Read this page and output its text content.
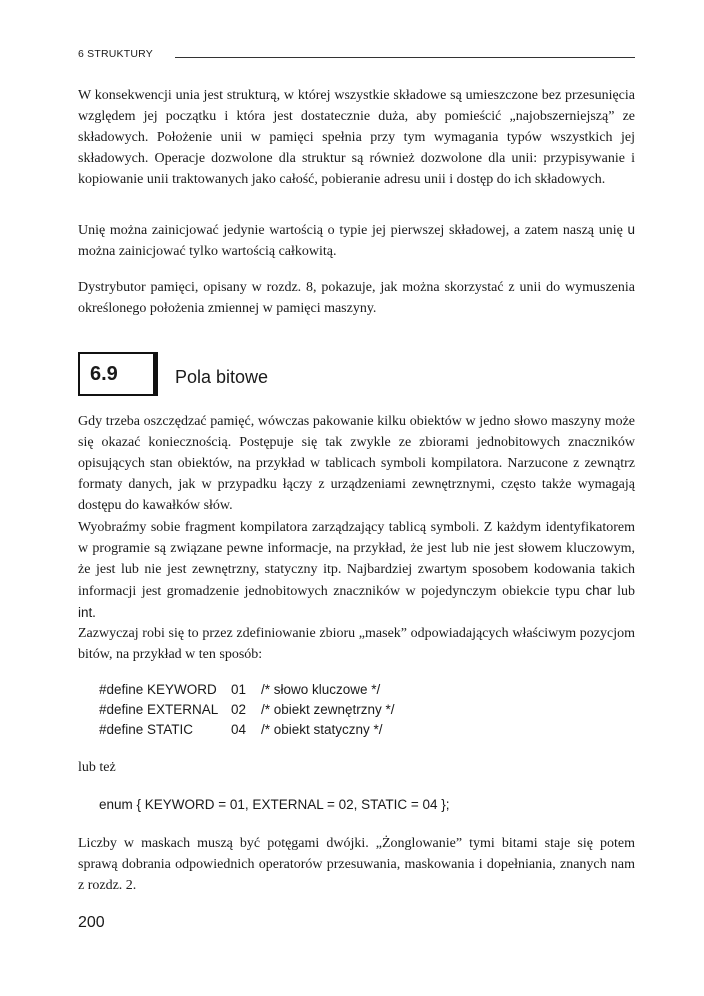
6 STRUKTURY

W konsekwencji unia jest strukturą, w której wszystkie składowe są umieszczone bez przesunięcia względem jej początku i która jest dostatecznie duża, aby pomieścić „najobszerniejszą” ze składowych. Położenie unii w pamięci spełnia przy tym wymagania typów wszystkich jej składowych. Operacje dozwolone dla struktur są również dozwolone dla unii: przypisywanie i kopiowanie unii traktowanych jako całość, pobieranie adresu unii i dostęp do ich składowych.

Unię można zainicjować jedynie wartością o typie jej pierwszej składowej, a zatem naszą unię u można zainicjować tylko wartością całkowitą.

Dystrybutor pamięci, opisany w rozdz. 8, pokazuje, jak można skorzystać z unii do wymuszenia określonego położenia zmiennej w pamięci maszyny.

6.9	Pola bitowe

Gdy trzeba oszczędzać pamięć, wówczas pakowanie kilku obiektów w jedno słowo maszyny może się okazać koniecznością. Postępuje się tak zwykle ze zbiorami jednobitowych znaczników opisujących stan obiektów, na przykład w tablicach symboli kompilatora. Narzucone z zewnątrz formaty danych, jak w przypadku łączy z urządzeniami zewnętrznymi, często także wymagają dostępu do kawałków słów.

Wyobraźmy sobie fragment kompilatora zarządzający tablicą symboli. Z każdym identyfikatorem w programie są związane pewne informacje, na przykład, że jest lub nie jest słowem kluczowym, że jest lub nie jest zewnętrzny, statyczny itp. Najbardziej zwartym sposobem kodowania takich informacji jest gromadzenie jednobitowych znaczników w pojedynczym obiekcie typu char lub int.

Zazwyczaj robi się to przez zdefiniowanie zbioru „masek” odpowiadających właściwym pozycjom bitów, na przykład w ten sposób:

#define KEYWORD 01 /* słowo kluczowe */
#define EXTERNAL 02 /* obiekt zewnętrzny */
#define STATIC	04 /* obiekt statyczny */

lub też

enum { KEYWORD = 01, EXTERNAL = 02, STATIC = 04 };

Liczby w maskach muszą być potęgami dwójki. „Żonglowanie” tymi bitami staje się potem sprawą dobrania odpowiednich operatorów przesuwania, maskowania i dopełniania, znanych nam z rozdz. 2.

200
